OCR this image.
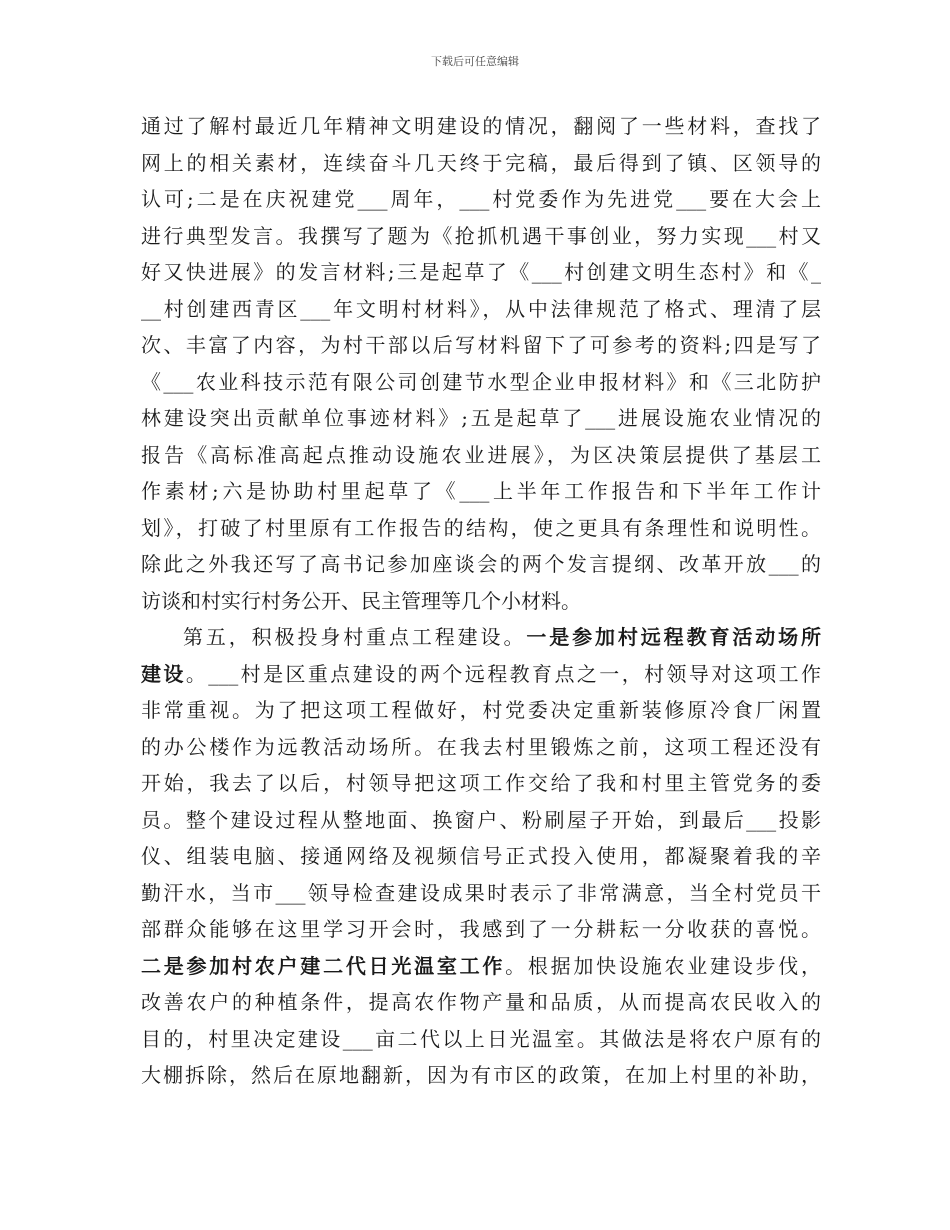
下载后可任意编辑
通过了解村最近几年精神文明建设的情况，翻阅了一些材料，查找了
网上的相关素材，连续奋斗几天终于完稿，最后得到了镇、区领导的
认可;二是在庆祝建党___周年，___村党委作为先进党___要在大会上
进行典型发言。我撰写了题为《抢抓机遇干事创业，努力实现___村又
好又快进展》的发言材料;三是起草了《___村创建文明生态村》和《_
__村创建西青区___年文明村材料》，从中法律规范了格式、理清了层
次、丰富了内容，为村干部以后写材料留下了可参考的资料;四是写了
《___农业科技示范有限公司创建节水型企业申报材料》和《三北防护
林建设突出贡献单位事迹材料》;五是起草了___进展设施农业情况的
报告《高标准高起点推动设施农业进展》，为区决策层提供了基层工
作素材;六是协助村里起草了《___上半年工作报告和下半年工作计
划》，打破了村里原有工作报告的结构，使之更具有条理性和说明性。
除此之外我还写了高书记参加座谈会的两个发言提纲、改革开放___的
访谈和村实行村务公开、民主管理等几个小材料。
第五，积极投身村重点工程建设。一是参加村远程教育活动场所
建设。___村是区重点建设的两个远程教育点之一，村领导对这项工作
非常重视。为了把这项工程做好，村党委决定重新装修原冷食厂闲置
的办公楼作为远教活动场所。在我去村里锻炼之前，这项工程还没有
开始，我去了以后，村领导把这项工作交给了我和村里主管党务的委
员。整个建设过程从整地面、换窗户、粉刷屋子开始，到最后___投影
仪、组装电脑、接通网络及视频信号正式投入使用，都凝聚着我的辛
勤汗水，当市___领导检查建设成果时表示了非常满意，当全村党员干
部群众能够在这里学习开会时，我感到了一分耕耘一分收获的喜悦。
二是参加村农户建二代日光温室工作。根据加快设施农业建设步伐，
改善农户的种植条件，提高农作物产量和品质，从而提高农民收入的
目的，村里决定建设___亩二代以上日光温室。其做法是将农户原有的
大棚拆除，然后在原地翻新，因为有市区的政策，在加上村里的补助，
